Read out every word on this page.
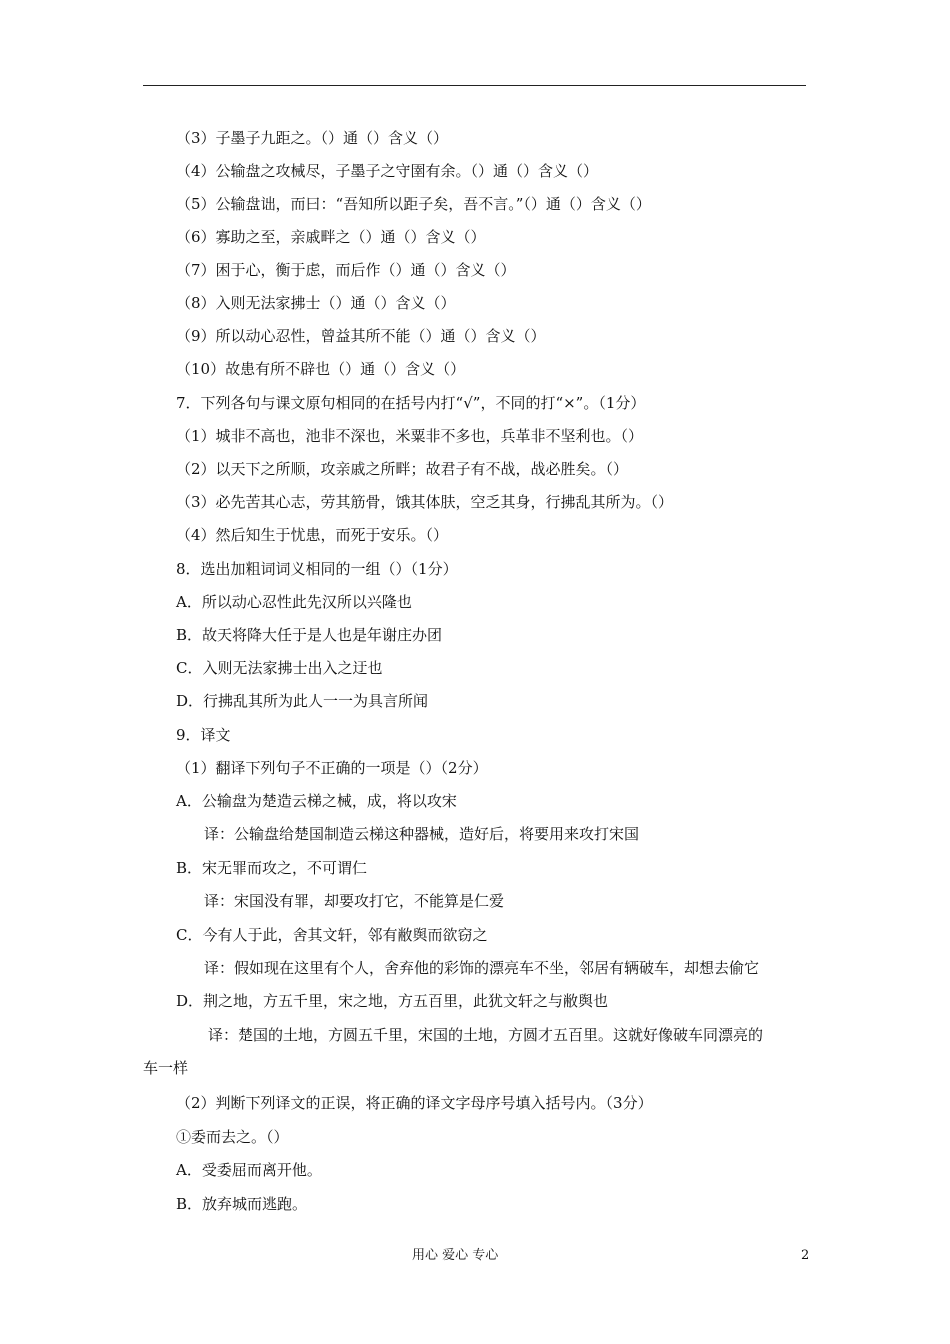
（3）子墨子九距之。（）通（）含义（）
（4）公输盘之攻械尽，子墨子之守圉有余。（）通（）含义（）
（5）公输盘诎，而曰：“吾知所以距子矣，吾不言。”（）通（）含义（）
（6）寡助之至，亲戚畔之（）通（）含义（）
（7）困于心，衡于虑，而后作（）通（）含义（）
（8）入则无法家拂士（）通（）含义（）
（9）所以动心忍性，曾益其所不能（）通（）含义（）
（10）故患有所不辟也（）通（）含义（）
7．下列各句与课文原句相同的在括号内打“√”，不同的打“×”。（1分）
（1）城非不高也，池非不深也，米粟非不多也，兵革非不坚利也。（）
（2）以天下之所顺，攻亲戚之所畔；故君子有不战，战必胜矣。（）
（3）必先苦其心志，劳其筋骨，饿其体肤，空乏其身，行拂乱其所为。（）
（4）然后知生于忧患，而死于安乐。（）
8．选出加粗词词义相同的一组（）（1分）
A．所以动心忍性此先汉所以兴隆也
B．故天将降大任于是人也是年谢庄办团
C．入则无法家拂士出入之迂也
D．行拂乱其所为此人一一为具言所闻
9．译文
（1）翻译下列句子不正确的一项是（）（2分）
A．公输盘为楚造云梯之械，成，将以攻宋
译：公输盘给楚国制造云梯这种器械，造好后，将要用来攻打宋国
B．宋无罪而攻之，不可谓仁
译：宋国没有罪，却要攻打它，不能算是仁爱
C．今有人于此，舍其文轩，邻有敝舆而欲窃之
译：假如现在这里有个人，舍弃他的彩饰的漂亮车不坐，邻居有辆破车，却想去偷它
D．荆之地，方五千里，宋之地，方五百里，此犹文轩之与敝舆也
译：楚国的土地，方圆五千里，宋国的土地，方圆才五百里。这就好像破车同漂亮的
车一样
（2）判断下列译文的正误，将正确的译文字母序号填入括号内。（3分）
①委而去之。（）
A．受委屈而离开他。
B．放弃城而逃跑。
用心 爱心 专心	2
